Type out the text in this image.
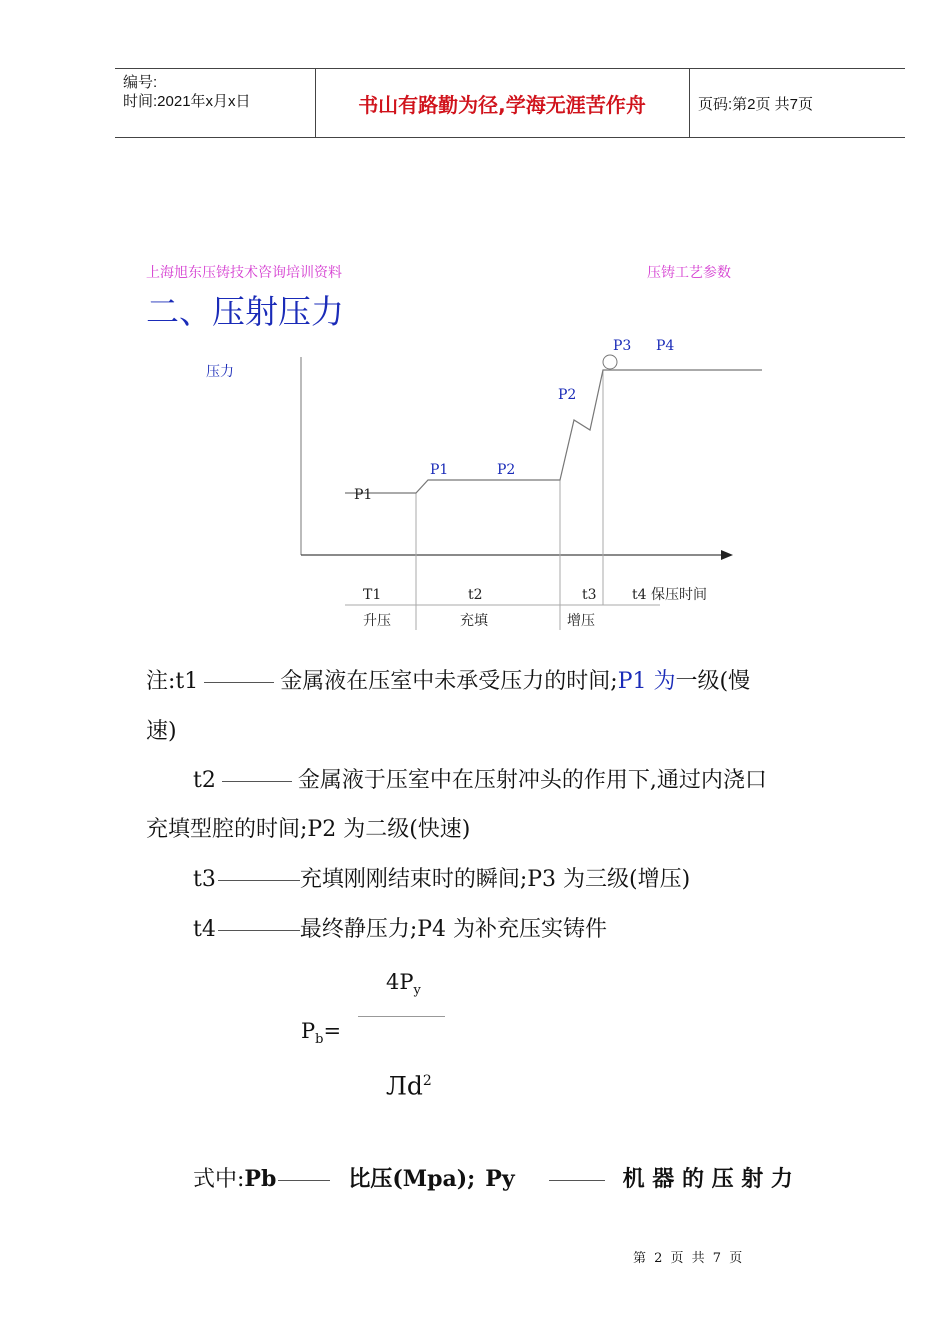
编号:
时间:2021年x月x日	书山有路勤为径,学海无涯苦作舟	页码:第2页 共7页
上海旭东压铸技术咨询培训资料	压铸工艺参数
二、压射压力
压力
P1
P1	P2
P2
P3 P4
T1	t2	t3	t4 保压时间
升压	充填	增压
注:t1	金属液在压室中未承受压力的时间;P1 为一级(慢
速)
t2	金属液于压室中在压射冲头的作用下,通过内浇口
充填型腔的时间;P2 为二级(快速)
t3	充填刚刚结束时的瞬间;P3 为三级(增压)
t4	最终静压力;P4 为补充压实铸件
$4P_y$
$P_b=$
$Лd^2$
式中:Pb	比压(Mpa); Py	机 器 的 压 射 力
第 2 页 共 7 页
